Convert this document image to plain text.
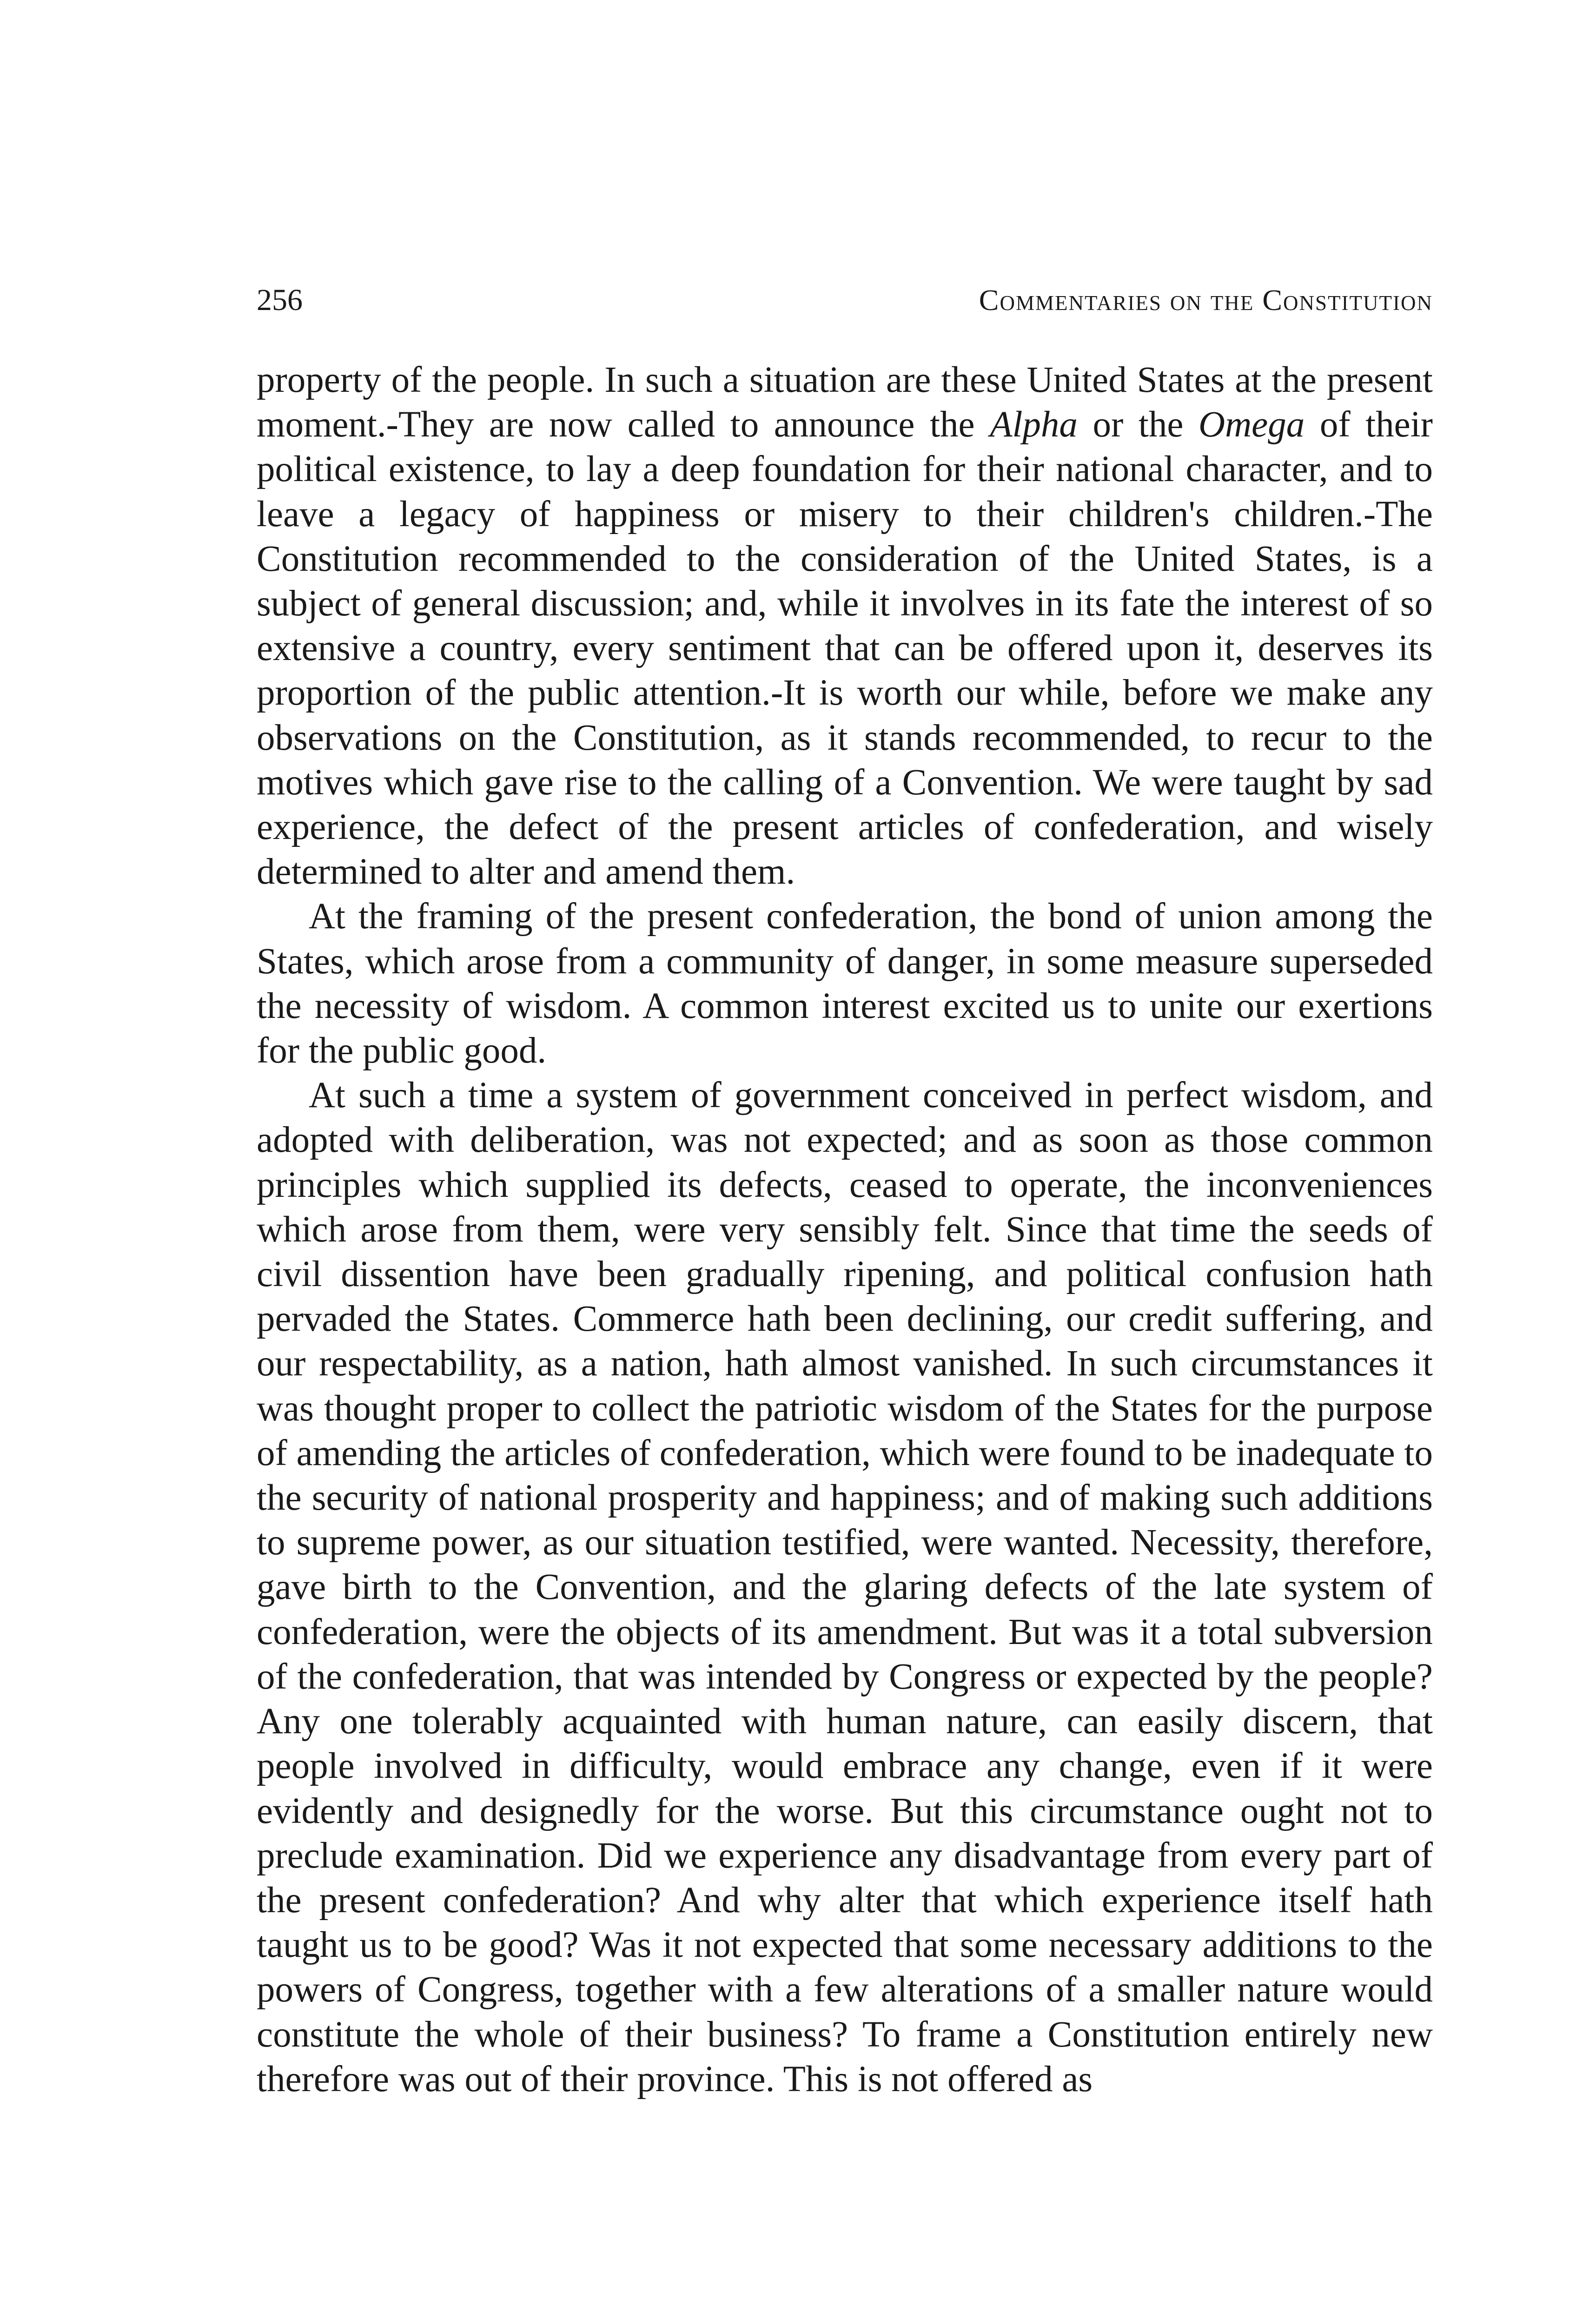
256	Commentaries on the Constitution

property of the people. In such a situation are these United States at the present moment.-They are now called to announce the Alpha or the Omega of their political existence, to lay a deep foundation for their national character, and to leave a legacy of happiness or misery to their children's children.-The Constitution recommended to the consideration of the United States, is a subject of general discussion; and, while it involves in its fate the interest of so extensive a country, every sentiment that can be offered upon it, deserves its proportion of the public attention.-It is worth our while, before we make any observations on the Constitution, as it stands recommended, to recur to the motives which gave rise to the calling of a Convention. We were taught by sad experience, the defect of the present articles of confederation, and wisely determined to alter and amend them.

At the framing of the present confederation, the bond of union among the States, which arose from a community of danger, in some measure superseded the necessity of wisdom. A common interest excited us to unite our exertions for the public good.

At such a time a system of government conceived in perfect wisdom, and adopted with deliberation, was not expected; and as soon as those common principles which supplied its defects, ceased to operate, the inconveniences which arose from them, were very sensibly felt. Since that time the seeds of civil dissention have been gradually ripening, and political confusion hath pervaded the States. Commerce hath been declining, our credit suffering, and our respectability, as a nation, hath almost vanished. In such circumstances it was thought proper to collect the patriotic wisdom of the States for the purpose of amending the articles of confederation, which were found to be inadequate to the security of national prosperity and happiness; and of making such additions to supreme power, as our situation testified, were wanted. Necessity, therefore, gave birth to the Convention, and the glaring defects of the late system of confederation, were the objects of its amendment. But was it a total subversion of the confederation, that was intended by Congress or expected by the people? Any one tolerably acquainted with human nature, can easily discern, that people involved in difficulty, would embrace any change, even if it were evidently and designedly for the worse. But this circumstance ought not to preclude examination. Did we experience any disadvantage from every part of the present confederation? And why alter that which experience itself hath taught us to be good? Was it not expected that some necessary additions to the powers of Congress, together with a few alterations of a smaller nature would constitute the whole of their business? To frame a Constitution entirely new therefore was out of their province. This is not offered as
